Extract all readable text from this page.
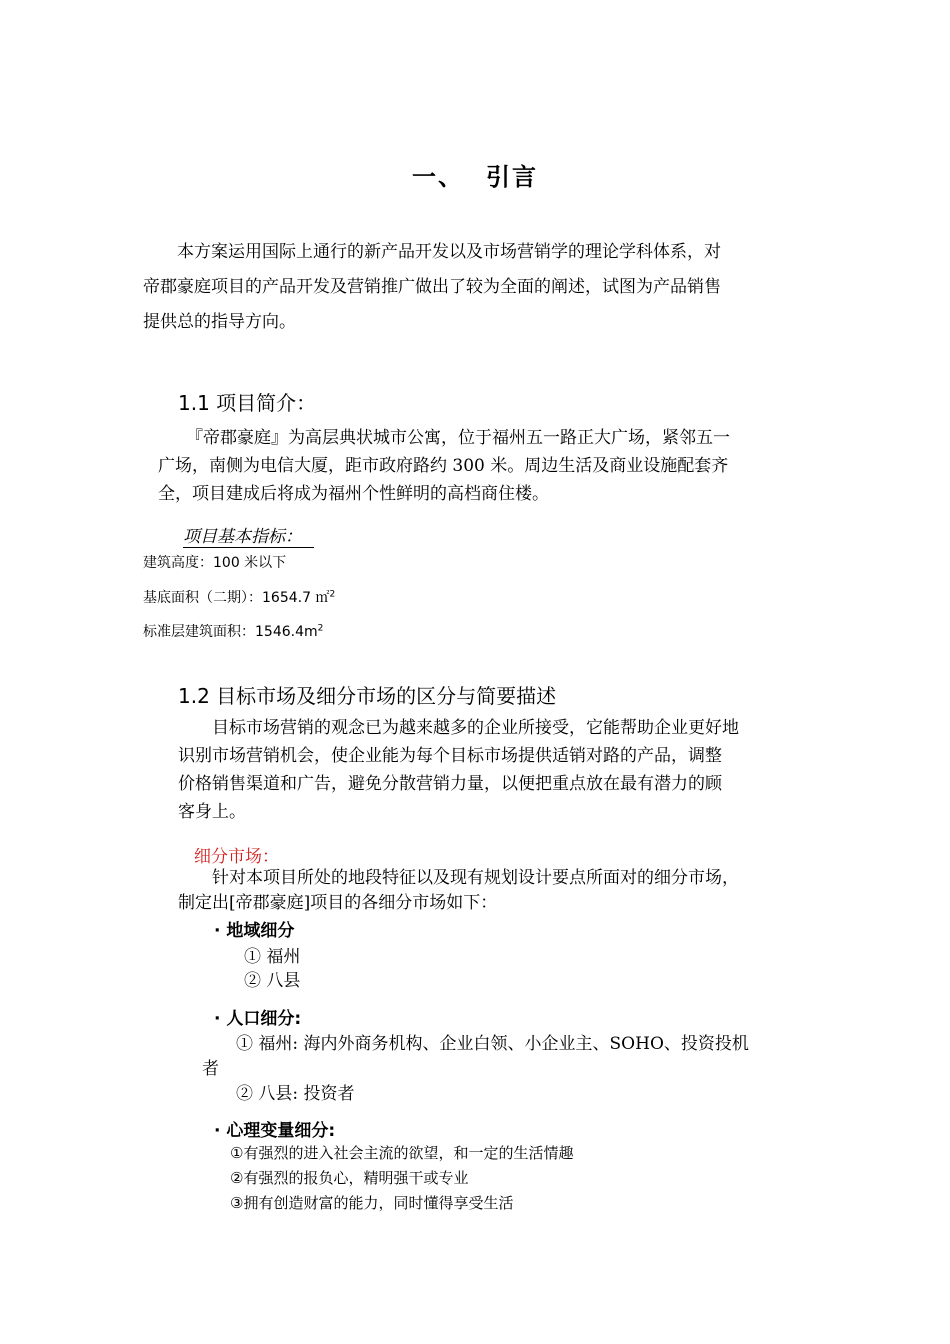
一、 引言
本方案运用国际上通行的新产品开发以及市场营销学的理论学科体系，对
帝郡豪庭项目的产品开发及营销推广做出了较为全面的阐述，试图为产品销售
提供总的指导方向。
1.1 项目简介：
『帝郡豪庭』为高层典状城市公寓，位于福州五一路正大广场，紧邻五一
广场，南侧为电信大厦，距市政府路约 300 米。周边生活及商业设施配套齐
全，项目建成后将成为福州个性鲜明的高档商住楼。
项目基本指标：
建筑高度：100 米以下
基底面积（二期）：1654.7 ㎡$^2$
标准层建筑面积：$1546.4m^2$
1.2 目标市场及细分市场的区分与简要描述
目标市场营销的观念已为越来越多的企业所接受，它能帮助企业更好地
识别市场营销机会，使企业能为每个目标市场提供适销对路的产品，调整
价格销售渠道和广告，避免分散营销力量，以便把重点放在最有潜力的顾
客身上。
细分市场：
针对本项目所处的地段特征以及现有规划设计要点所面对的细分市场，
制定出[帝郡豪庭]项目的各细分市场如下：
· 地域细分
① 福州
② 八县
· 人口细分:
① 福州: 海内外商务机构、企业白领、小企业主、SOHO、投资投机
者
② 八县: 投资者
· 心理变量细分:
①有强烈的进入社会主流的欲望，和一定的生活情趣
②有强烈的报负心，精明强干或专业
③拥有创造财富的能力，同时懂得享受生活
